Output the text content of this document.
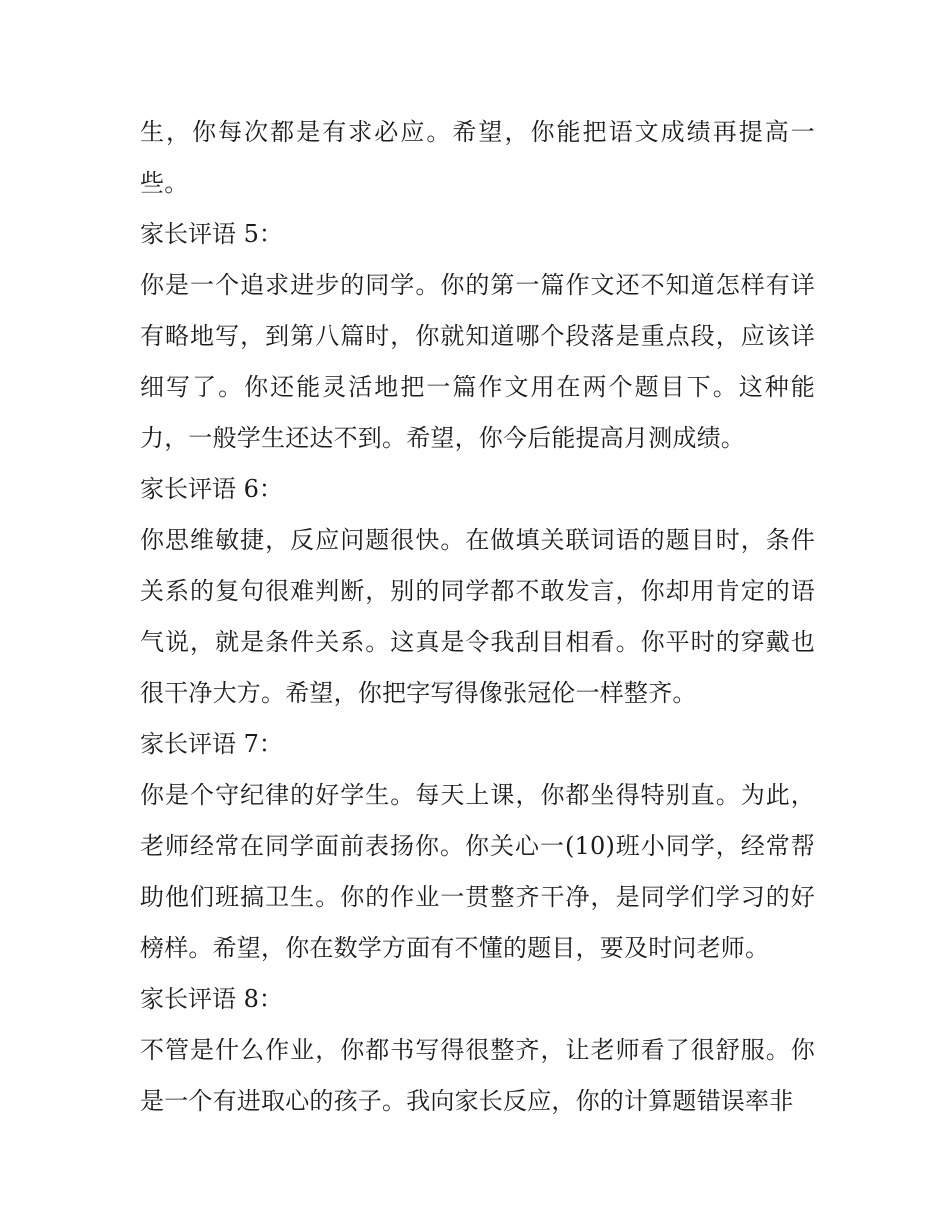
生，你每次都是有求必应。希望，你能把语文成绩再提高一些。

家长评语 5：

你是一个追求进步的同学。你的第一篇作文还不知道怎样有详有略地写，到第八篇时，你就知道哪个段落是重点段，应该详细写了。你还能灵活地把一篇作文用在两个题目下。这种能力，一般学生还达不到。希望，你今后能提高月测成绩。

家长评语 6：

你思维敏捷，反应问题很快。在做填关联词语的题目时，条件关系的复句很难判断，别的同学都不敢发言，你却用肯定的语气说，就是条件关系。这真是令我刮目相看。你平时的穿戴也很干净大方。希望，你把字写得像张冠伦一样整齐。

家长评语 7：

你是个守纪律的好学生。每天上课，你都坐得特别直。为此，老师经常在同学面前表扬你。你关心一(10)班小同学，经常帮助他们班搞卫生。你的作业一贯整齐干净，是同学们学习的好榜样。希望，你在数学方面有不懂的题目，要及时问老师。

家长评语 8：

不管是什么作业，你都书写得很整齐，让老师看了很舒服。你是一个有进取心的孩子。我向家长反应，你的计算题错误率非
